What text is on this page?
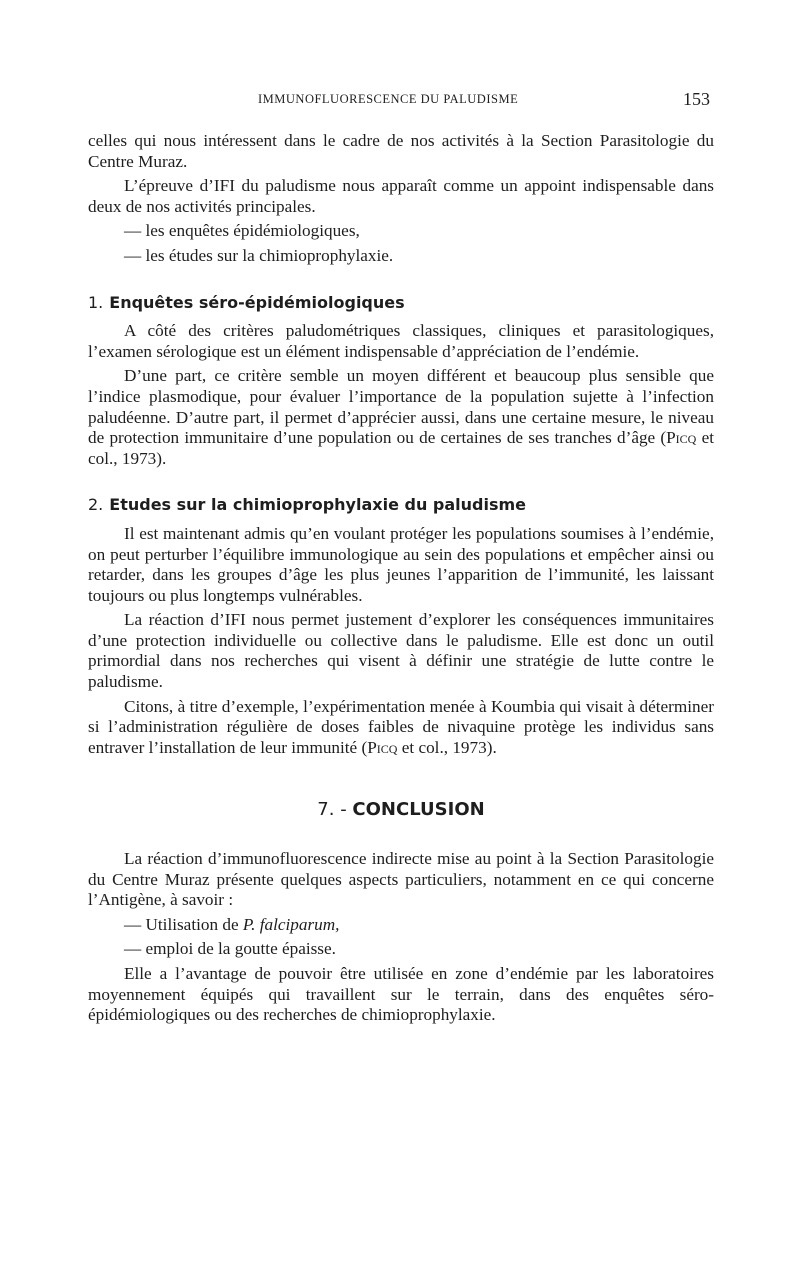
IMMUNOFLUORESCENCE DU PALUDISME	153

celles qui nous intéressent dans le cadre de nos activités à la Section Parasitologie du Centre Muraz.

L’épreuve d’IFI du paludisme nous apparaît comme un appoint indispensable dans deux de nos activités principales.

— les enquêtes épidémiologiques,
— les études sur la chimioprophylaxie.
1. Enquêtes séro-épidémiologiques

A côté des critères paludométriques classiques, cliniques et parasitologiques, l’examen sérologique est un élément indispensable d’appréciation de l’endémie.

D’une part, ce critère semble un moyen différent et beaucoup plus sensible que l’indice plasmodique, pour évaluer l’importance de la population sujette à l’infection paludéenne. D’autre part, il permet d’apprécier aussi, dans une certaine mesure, le niveau de protection immunitaire d’une population ou de certaines de ses tranches d’âge (Picq et col., 1973).

2. Etudes sur la chimioprophylaxie du paludisme

Il est maintenant admis qu’en voulant protéger les populations soumises à l’endémie, on peut perturber l’équilibre immunologique au sein des populations et empêcher ainsi ou retarder, dans les groupes d’âge les plus jeunes l’apparition de l’immunité, les laissant toujours ou plus longtemps vulnérables.

La réaction d’IFI nous permet justement d’explorer les conséquences immunitaires d’une protection individuelle ou collective dans le paludisme. Elle est donc un outil primordial dans nos recherches qui visent à définir une stratégie de lutte contre le paludisme.

Citons, à titre d’exemple, l’expérimentation menée à Koumbia qui visait à déterminer si l’administration régulière de doses faibles de nivaquine protège les individus sans entraver l’installation de leur immunité (Picq et col., 1973).

7. - CONCLUSION

La réaction d’immunofluorescence indirecte mise au point à la Section Parasitologie du Centre Muraz présente quelques aspects particuliers, notamment en ce qui concerne l’Antigène, à savoir :

— Utilisation de P. falciparum,
— emploi de la goutte épaisse.

Elle a l’avantage de pouvoir être utilisée en zone d’endémie par les laboratoires moyennement équipés qui travaillent sur le terrain, dans des enquêtes séro-épidémiologiques ou des recherches de chimioprophylaxie.
